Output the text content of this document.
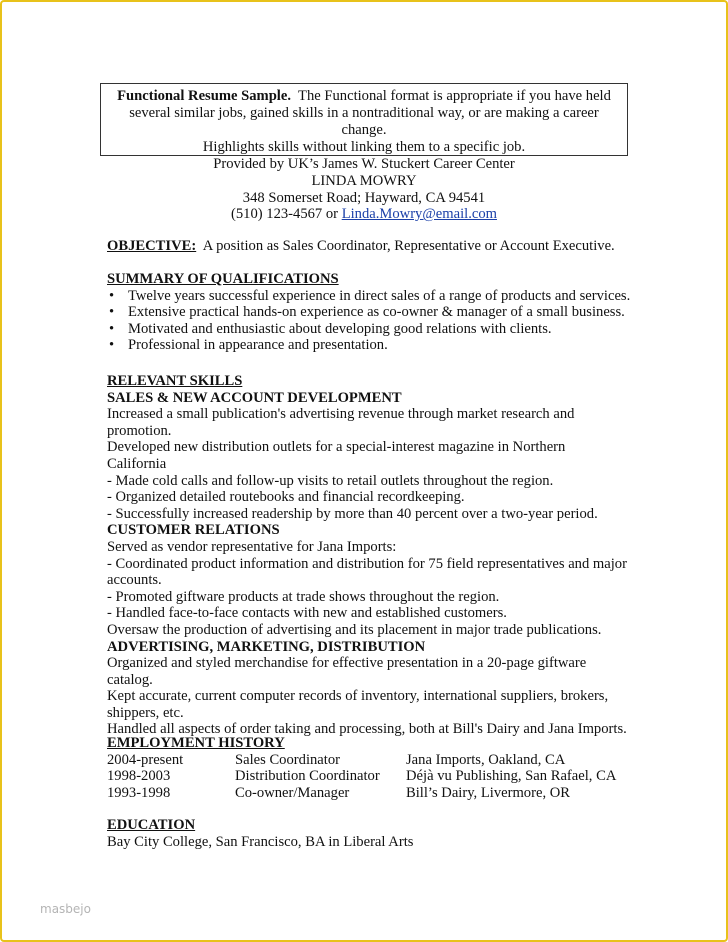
Functional Resume Sample. The Functional format is appropriate if you have held
several similar jobs, gained skills in a nontraditional way, or are making a career change.
Highlights skills without linking them to a specific job.
Provided by UK’s James W. Stuckert Career Center
LINDA MOWRY
348 Somerset Road; Hayward, CA 94541
(510) 123-4567 or Linda.Mowry@email.com
OBJECTIVE: A position as Sales Coordinator, Representative or Account Executive.
SUMMARY OF QUALIFICATIONS
• Twelve years successful experience in direct sales of a range of products and services.
• Extensive practical hands-on experience as co-owner & manager of a small business.
• Motivated and enthusiastic about developing good relations with clients.
• Professional in appearance and presentation.
RELEVANT SKILLS
SALES & NEW ACCOUNT DEVELOPMENT

Increased a small publication's advertising revenue through market research and

promotion.

Developed new distribution outlets for a special-interest magazine in Northern California

- Made cold calls and follow-up visits to retail outlets throughout the region.

- Organized detailed routebooks and financial recordkeeping.

- Successfully increased readership by more than 40 percent over a two-year period.

CUSTOMER RELATIONS

Served as vendor representative for Jana Imports:

- Coordinated product information and distribution for 75 field representatives and major

accounts.

- Promoted giftware products at trade shows throughout the region.

- Handled face-to-face contacts with new and established customers.

Oversaw the production of advertising and its placement in major trade publications.

ADVERTISING, MARKETING, DISTRIBUTION

Organized and styled merchandise for effective presentation in a 20-page giftware

catalog.

Kept accurate, current computer records of inventory, international suppliers, brokers,

shippers, etc.

Handled all aspects of order taking and processing, both at Bill's Dairy and Jana Imports.

EMPLOYMENT HISTORY
2004-present	Sales Coordinator	Jana Imports, Oakland, CA
1998-2003	Distribution Coordinator	Déjà vu Publishing, San Rafael, CA
1993-1998	Co-owner/Manager	Bill’s Dairy, Livermore, OR
EDUCATION
Bay City College, San Francisco, BA in Liberal Arts
masbejo
